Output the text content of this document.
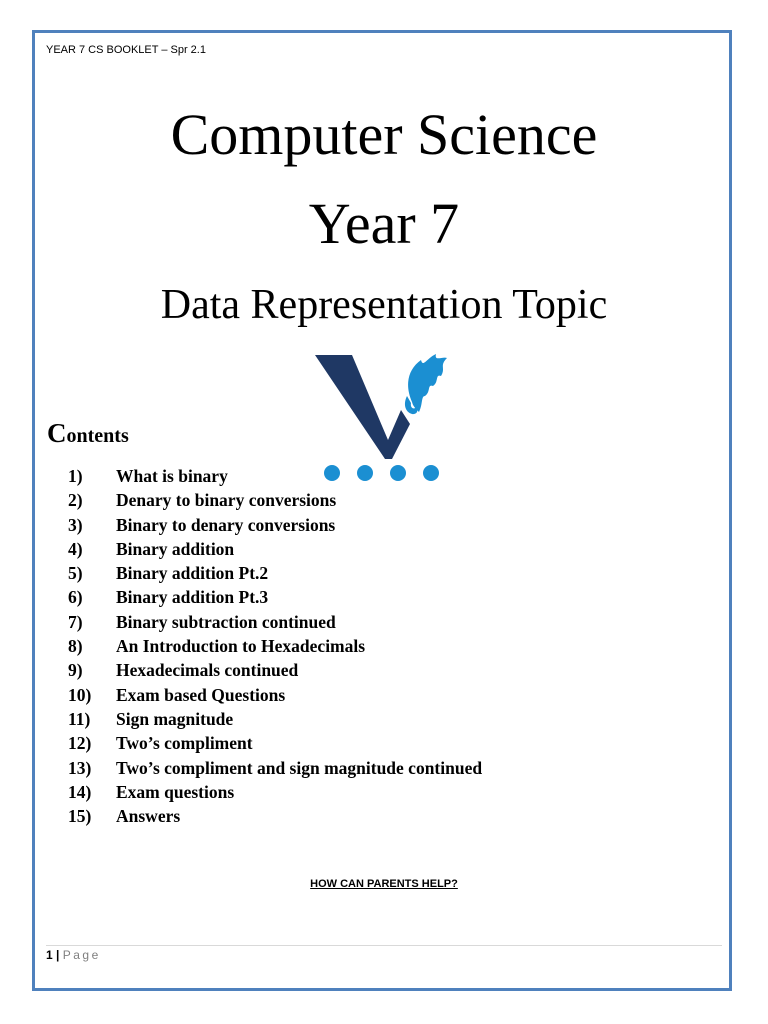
YEAR 7 CS BOOKLET – Spr 2.1
Computer Science
Year 7
Data Representation Topic
Contents
1)	What is binary
2)	Denary to binary conversions
3)	Binary to denary conversions
4)	Binary addition
5)	Binary addition Pt.2
6)	Binary addition Pt.3
7)	Binary subtraction continued
8)	An Introduction to Hexadecimals
9)	Hexadecimals continued
10)	Exam based Questions
11)	Sign magnitude
12)	Two’s compliment
13)	Two’s compliment and sign magnitude continued
14)	Exam questions
15)	Answers
HOW CAN PARENTS HELP?
1 | Page
